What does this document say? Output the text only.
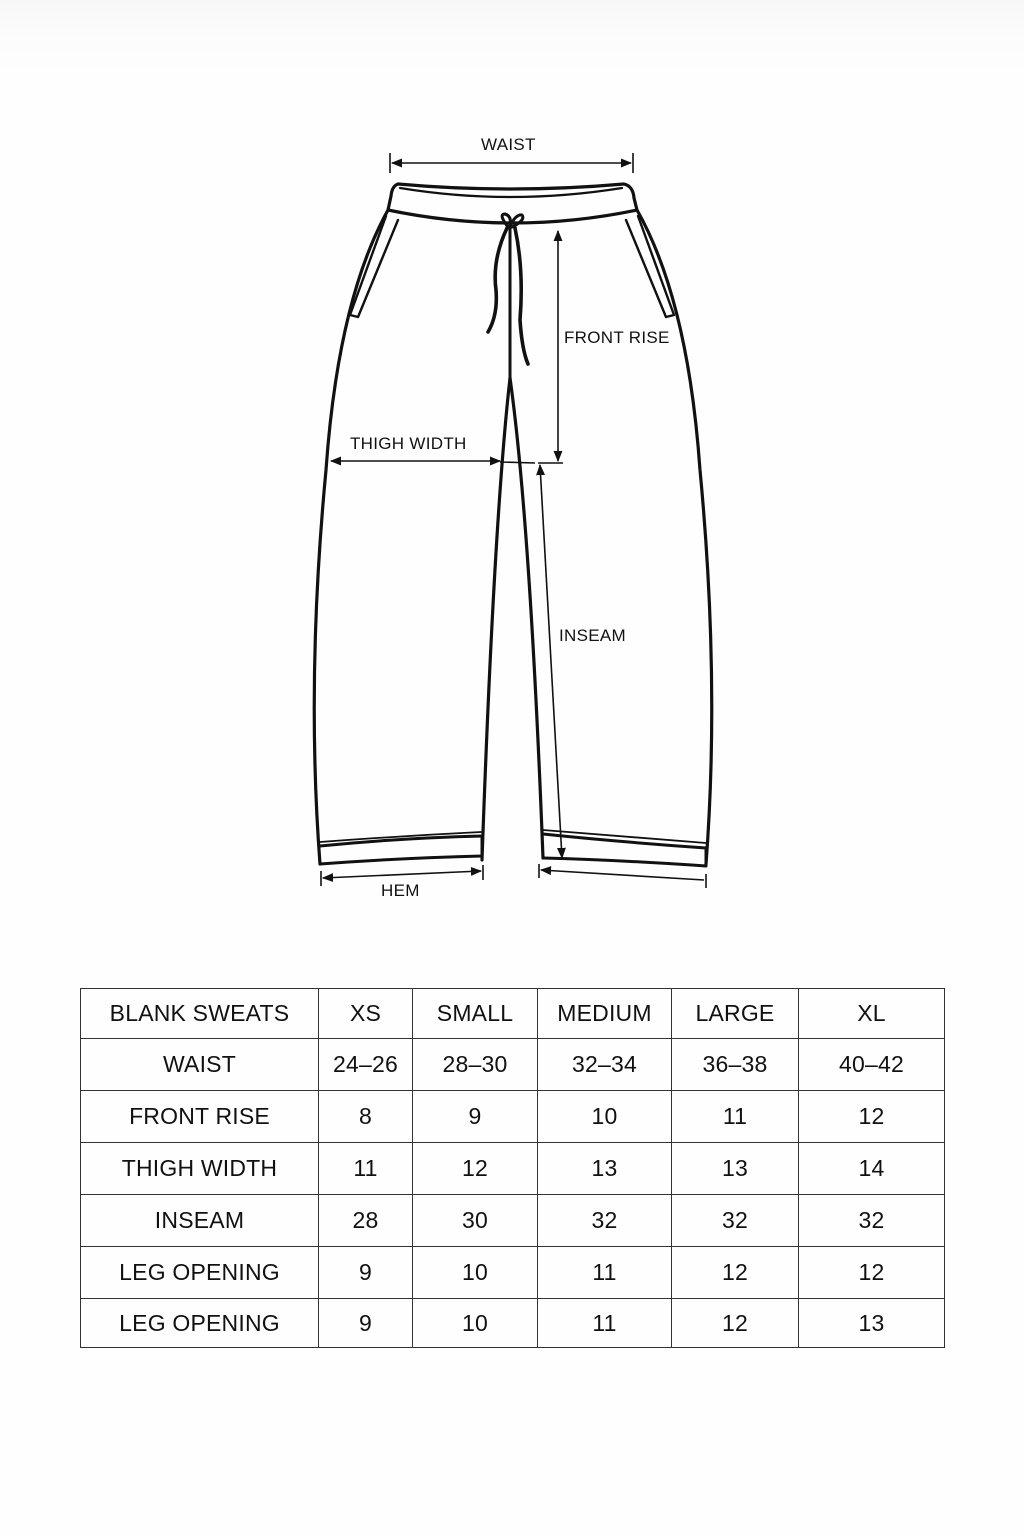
WAIST
FRONT RISE
THIGH WIDTH
INSEAM
HEM
BLANK SWEATS	XS	SMALL	MEDIUM	LARGE	XL
WAIST	24–26	28–30	32–34	36–38	40–42
FRONT RISE	8	9	10	11	12
THIGH WIDTH	11	12	13	13	14
INSEAM	28	30	32	32	32
LEG OPENING	9	10	11	12	12
LEG OPENING	9	10	11	12	13
